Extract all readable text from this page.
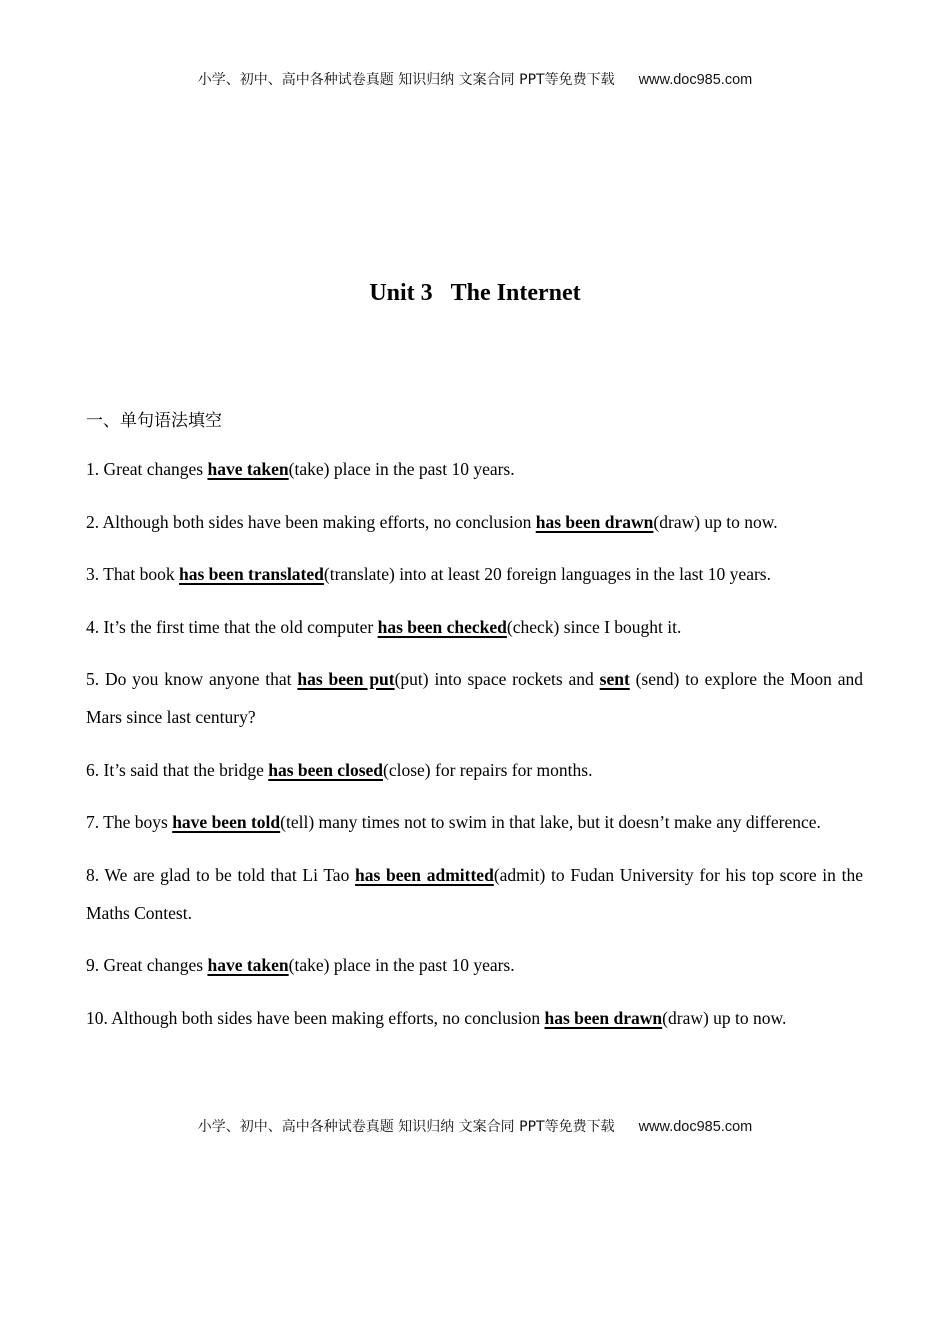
小学、初中、高中各种试卷真题 知识归纳 文案合同 PPT等免费下载 www.doc985.com
Unit 3 The Internet
一、单句语法填空

1. Great changes have taken(take) place in the past 10 years.

2. Although both sides have been making efforts, no conclusion has been drawn(draw) up to now.

3. That book has been translated(translate) into at least 20 foreign languages in the last 10 years.

4. It’s the first time that the old computer has been checked(check) since I bought it.

5. Do you know anyone that has been put(put) into space rockets and sent (send) to explore the Moon and Mars since last century?

6. It’s said that the bridge has been closed(close) for repairs for months.

7. The boys have been told(tell) many times not to swim in that lake, but it doesn’t make any difference.

8. We are glad to be told that Li Tao has been admitted(admit) to Fudan University for his top score in the Maths Contest.

9. Great changes have taken(take) place in the past 10 years.

10. Although both sides have been making efforts, no conclusion has been drawn(draw) up to now.

小学、初中、高中各种试卷真题 知识归纳 文案合同 PPT等免费下载 www.doc985.com
